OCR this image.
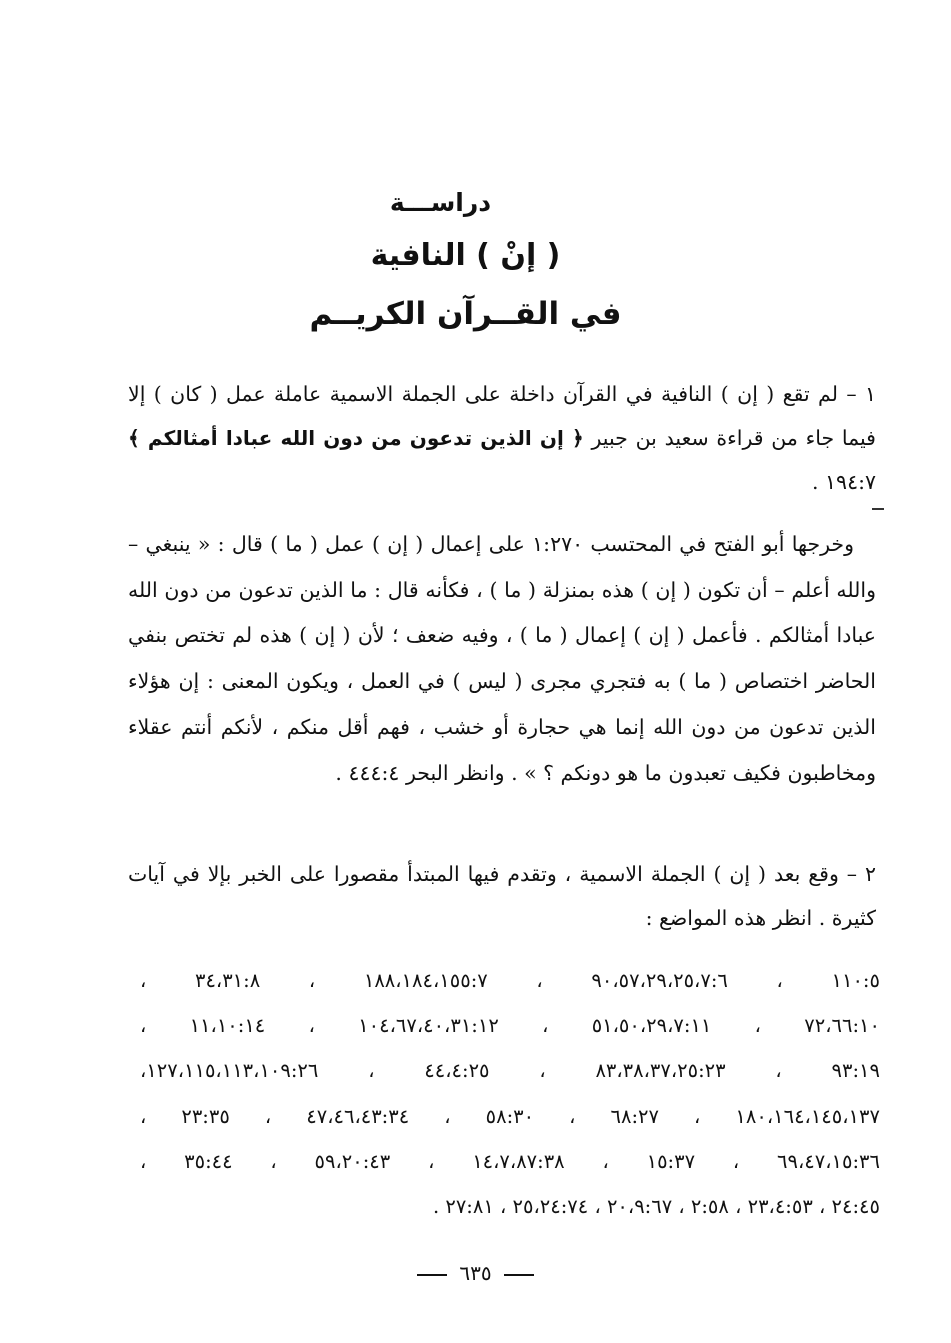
دراســـة
( إنْ ) النافية
في القــرآن الكريــم
١ – لم تقع ( إن ) النافية في القرآن داخلة على الجملة الاسمية عاملة عمل ( كان ) إلا فيما جاء من قراءة سعيد بن جبير ﴿ إن الذين تدعون من دون الله عبادا أمثالكم ﴾ ١٩٤:٧ .
وخرجها أبو الفتح في المحتسب ١:٢٧٠ على إعمال ( إن ) عمل ( ما ) قال : « ينبغي – والله أعلم – أن تكون ( إن ) هذه بمنزلة ( ما ) ، فكأنه قال : ما الذين تدعون من دون الله عبادا أمثالكم . فأعمل ( إن ) إعمال ( ما ) ، وفيه ضعف ؛ لأن ( إن ) هذه لم تختص بنفي الحاضر اختصاص ( ما ) به فتجري مجرى ( ليس ) في العمل ، ويكون المعنى : إن هؤلاء الذين تدعون من دون الله إنما هي حجارة أو خشب ، فهم أقل منكم ، لأنكم أنتم عقلاء ومخاطبون فكيف تعبدون ما هو دونكم ؟ » . وانظر البحر ٤٤٤:٤ .
٢ – وقع بعد ( إن ) الجملة الاسمية ، وتقدم فيها المبتدأ مقصورا على الخبر بإلا في آيات كثيرة . انظر هذه المواضع :
١١٠:٥ ، ٩٠،٥٧،٢٩،٢٥،٧:٦ ، ١٨٨،١٨٤،١٥٥:٧ ، ٣٤،٣١:٨ ،
٧٢،٦٦:١٠ ، ٥١،٥٠،٢٩،٧:١١ ، ١٠٤،٦٧،٤٠،٣١:١٢ ، ١١،١٠:١٤ ،
٩٣:١٩ ، ٨٣،٣٨،٣٧،٢٥:٢٣ ، ٤٤،٤:٢٥ ، ١٢٧،١١٥،١١٣،١٠٩:٢٦،
١٨٠،١٦٤،١٤٥،١٣٧ ، ٦٨:٢٧ ، ٥٨:٣٠ ، ٤٧،٤٦،٤٣:٣٤ ، ٢٣:٣٥ ،
٦٩،٤٧،١٥:٣٦ ، ١٥:٣٧ ، ١٤،٧،٨٧:٣٨ ، ٥٩،٢٠:٤٣ ، ٣٥:٤٤ ،
٢٤:٤٥ ، ٢٣،٤:٥٣ ، ٢:٥٨ ، ٢٠،٩:٦٧ ، ٢٥،٢٤:٧٤ ، ٢٧:٨١ .
٦٣٥
